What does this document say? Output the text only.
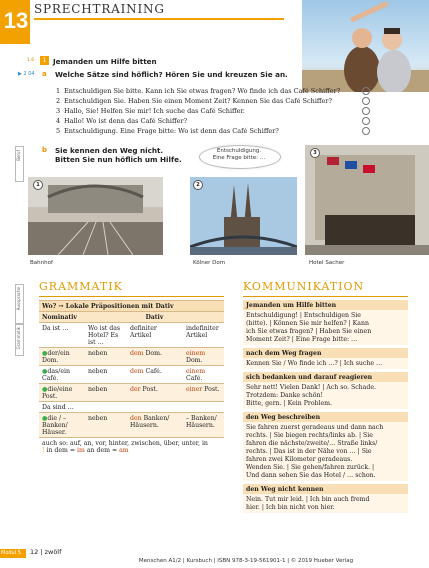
13 SPRECHTRAINING
1.6	1 Jemanden um Hilfe bitten
▶ 2 04 a Welche Sätze sind höflich? Hören Sie und kreuzen Sie an.
1 Entschuldigen Sie bitte. Kann ich Sie etwas fragen? Wo finde ich das Café Schiffer?
2 Entschuldigen Sie. Haben Sie einen Moment Zeit? Kennen Sie das Café Schiffer?
3 Hallo, Sie! Helfen Sie mir! Ich suche das Café Schiffer.
4 Hallo! Wo ist denn das Café Schiffer?
5 Entschuldigung. Eine Frage bitte: Wo ist denn das Café Schiffer?
Beruf	b Sie kennen den Weg nicht.
Bitten Sie nun höflich um Hilfe.
Entschuldigung.
Eine Frage bitte: …
1	2
3
Bahnhof	Kölner Dom	Hotel Sacher
GRAMMATIK
Aussprache
Grammatik
Wo? → Lokale Präpositionen mit Dativ			
Nominativ	Dativ		
Da ist …	Wo ist das Hotel? Es ist …	definiter Artikel	indefiniter Artikel
●der/ein Dom.	neben	dem Dom.	einem Dom.
●das/ein Café.	neben	dem Café.	einem Café.
●die/eine Post.	neben	der Post.	einer Post.
Da sind …			
●die / – Banken/ Häuser.	neben	den Banken/ Häusern.	– Banken/ Häusern.

auch so: auf, an, vor, hinter, zwischen, über, unter, in
! in dem = im an dem = am			
KOMMUNIKATION
Jemanden um Hilfe bitten
Entschuldigung! | Entschuldigen Sie
(bitte). | Können Sie mir helfen? | Kann
ich Sie etwas fragen? | Haben Sie einen
Moment Zeit? | Eine Frage bitte: …
nach dem Weg fragen
Kennen Sie / Wo finde ich …? | Ich suche …
sich bedanken und darauf reagieren
Sehr nett! Vielen Dank! | Ach so. Schade.
Trotzdem: Danke schön!
Bitte, gern. | Kein Problem.
den Weg beschreiben
Sie fahren zuerst geradeaus und dann nach
rechts. | Sie biegen rechts/links ab. | Sie
fahren die nächste/zweite/… Straße links/
rechts. | Das ist in der Nähe von … | Sie
fahren zwei Kilometer geradeaus.
Wenden Sie. | Sie gehen/fahren zurück. |
Und dann sehen Sie das Hotel / … schon.
den Weg nicht kennen
Nein. Tut mir leid. | Ich bin auch fremd
hier. | Ich bin nicht von hier.
Modul 5 12 | zwölf
Menschen A1/2 | Kursbuch | ISBN 978-3-19-561901-1 | © 2019 Hueber Verlag
